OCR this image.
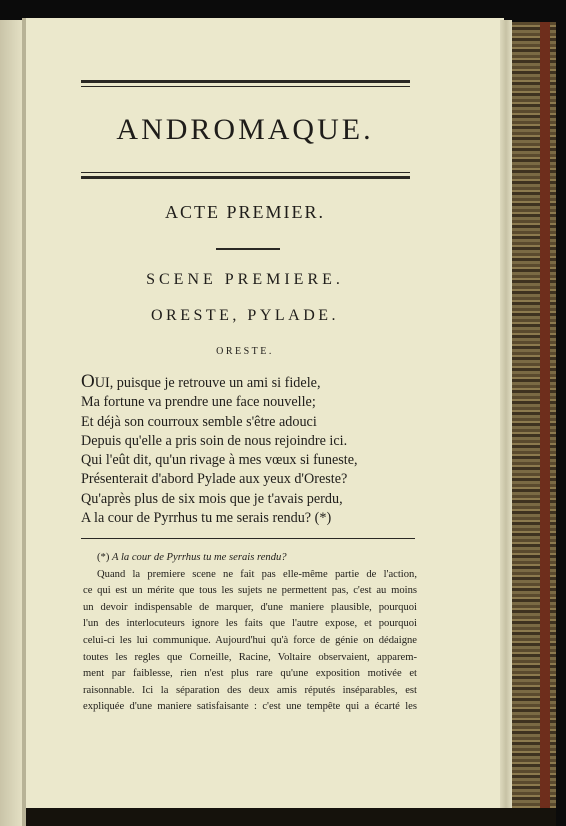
ANDROMAQUE.
ACTE PREMIER.
SCENE PREMIERE.
ORESTE, PYLADE.
ORESTE.
OUI, puisque je retrouve un ami si fidele,
Ma fortune va prendre une face nouvelle;
Et déjà son courroux semble s'être adouci
Depuis qu'elle a pris soin de nous rejoindre ici.
Qui l'eût dit, qu'un rivage à mes vœux si funeste,
Présenterait d'abord Pylade aux yeux d'Oreste?
Qu'après plus de six mois que je t'avais perdu,
A la cour de Pyrrhus tu me serais rendu? (*)
(*) A la cour de Pyrrhus tu me serais rendu?
Quand la premiere scene ne fait pas elle-même partie de l'action,
ce qui est un mérite que tous les sujets ne permettent pas, c'est au moins
un devoir indispensable de marquer, d'une maniere plausible, pourquoi
l'un des interlocuteurs ignore les faits que l'autre expose, et pourquoi
celui-ci les lui communique. Aujourd'hui qu'à force de génie on dédaigne
toutes les regles que Corneille, Racine, Voltaire observaient, apparem-
ment par faiblesse, rien n'est plus rare qu'une exposition motivée et
raisonnable. Ici la séparation des deux amis réputés inséparables, est
expliquée d'une maniere satisfaisante : c'est une tempête qui a écarté les
